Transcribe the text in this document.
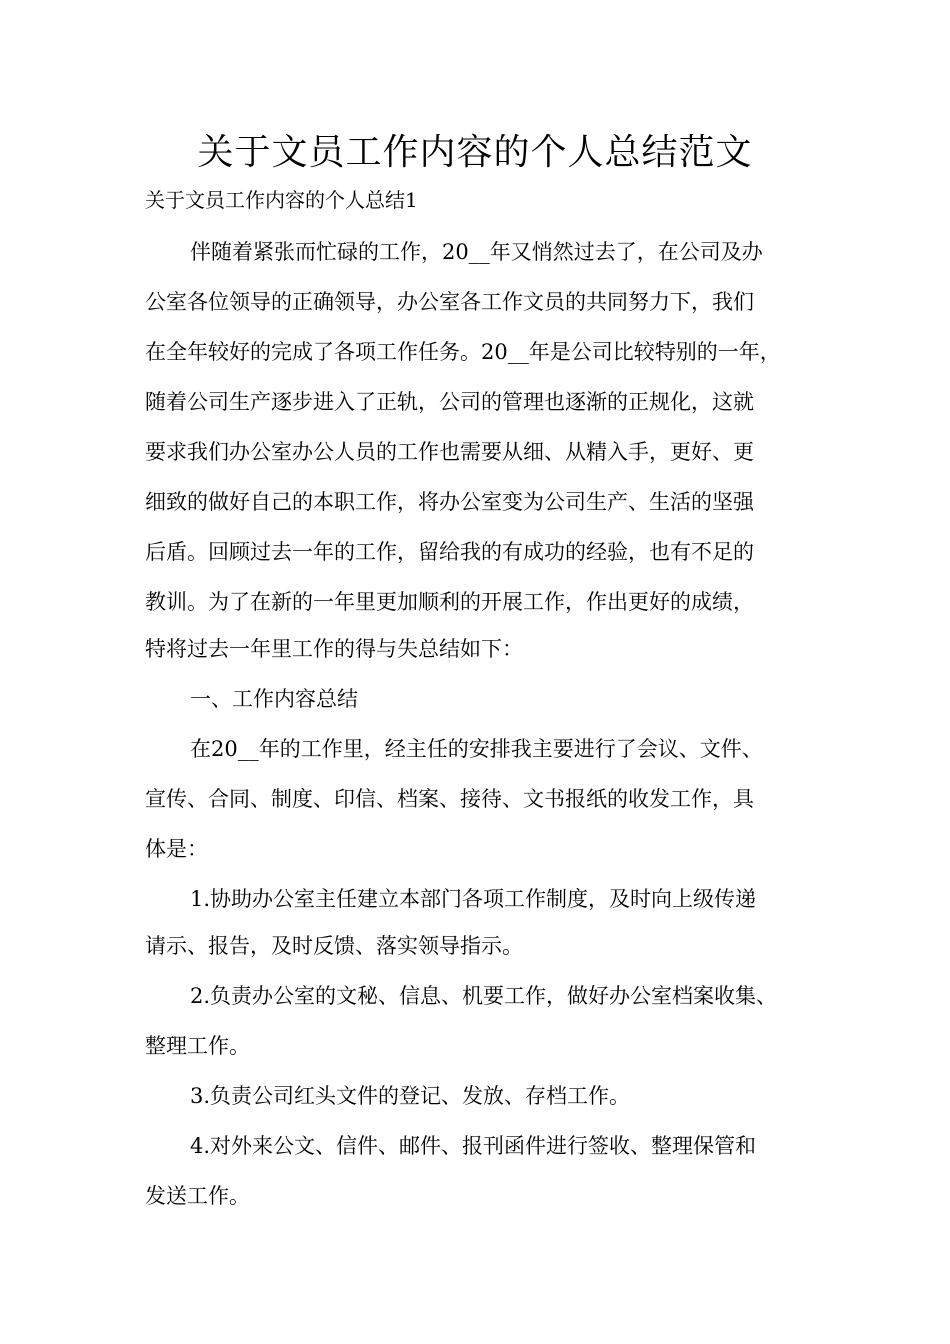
关于文员工作内容的个人总结范文

关于文员工作内容的个人总结1

伴随着紧张而忙碌的工作，20__年又悄然过去了，在公司及办

公室各位领导的正确领导，办公室各工作文员的共同努力下，我们

在全年较好的完成了各项工作任务。20__年是公司比较特别的一年，

随着公司生产逐步进入了正轨，公司的管理也逐渐的正规化，这就

要求我们办公室办公人员的工作也需要从细、从精入手，更好、更

细致的做好自己的本职工作，将办公室变为公司生产、生活的坚强

后盾。回顾过去一年的工作，留给我的有成功的经验，也有不足的

教训。为了在新的一年里更加顺利的开展工作，作出更好的成绩，

特将过去一年里工作的得与失总结如下：

一、工作内容总结

在20__年的工作里，经主任的安排我主要进行了会议、文件、

宣传、合同、制度、印信、档案、接待、文书报纸的收发工作，具

体是：

1.协助办公室主任建立本部门各项工作制度，及时向上级传递

请示、报告，及时反馈、落实领导指示。

2.负责办公室的文秘、信息、机要工作，做好办公室档案收集、

整理工作。

3.负责公司红头文件的登记、发放、存档工作。

4.对外来公文、信件、邮件、报刊函件进行签收、整理保管和

发送工作。
